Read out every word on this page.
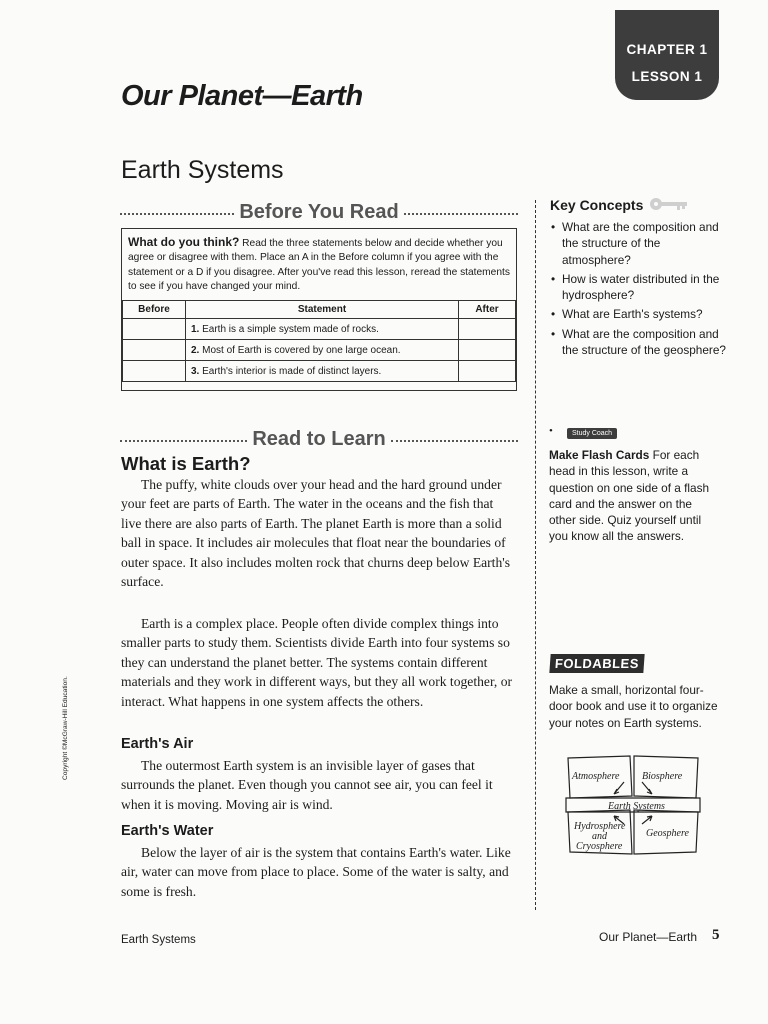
CHAPTER 1
LESSON 1
Our Planet—Earth
Earth Systems
Before You Read
What do you think? Read the three statements below and decide whether you agree or disagree with them. Place an A in the Before column if you agree with the statement or a D if you disagree. After you've read this lesson, reread the statements to see if you have changed your mind.
Before	Statement	After
	1. Earth is a simple system made of rocks.	
	2. Most of Earth is covered by one large ocean.	
	3. Earth's interior is made of distinct layers.	
Read to Learn
What is Earth?
The puffy, white clouds over your head and the hard ground under your feet are parts of Earth. The water in the oceans and the fish that live there are also parts of Earth. The planet Earth is more than a solid ball in space. It includes air molecules that float near the boundaries of outer space. It also includes molten rock that churns deep below Earth's surface.
Earth is a complex place. People often divide complex things into smaller parts to study them. Scientists divide Earth into four systems so they can understand the planet better. The systems contain different materials and they work in different ways, but they all work together, or interact. What happens in one system affects the others.
Earth's Air
The outermost Earth system is an invisible layer of gases that surrounds the planet. Even though you cannot see air, you can feel it when it is moving. Moving air is wind.
Earth's Water
Below the layer of air is the system that contains Earth's water. Like air, water can move from place to place. Some of the water is salty, and some is fresh.
Key Concepts
• What are the composition and the structure of the atmosphere?
• How is water distributed in the hydrosphere?
• What are Earth's systems?
• What are the composition and the structure of the geosphere?
•	Study Coach
Make Flash Cards For each head in this lesson, write a question on one side of a flash card and the answer on the other side. Quiz yourself until you know all the answers.
FOLDABLES
Make a small, horizontal four-door book and use it to organize your notes on Earth systems.
Atmosphere Biosphere
Earth Systems
Hydrosphere
and
Cryosphere
Geosphere
Copyright ©McGraw-Hill Education.
Earth Systems	Our Planet—Earth 5
